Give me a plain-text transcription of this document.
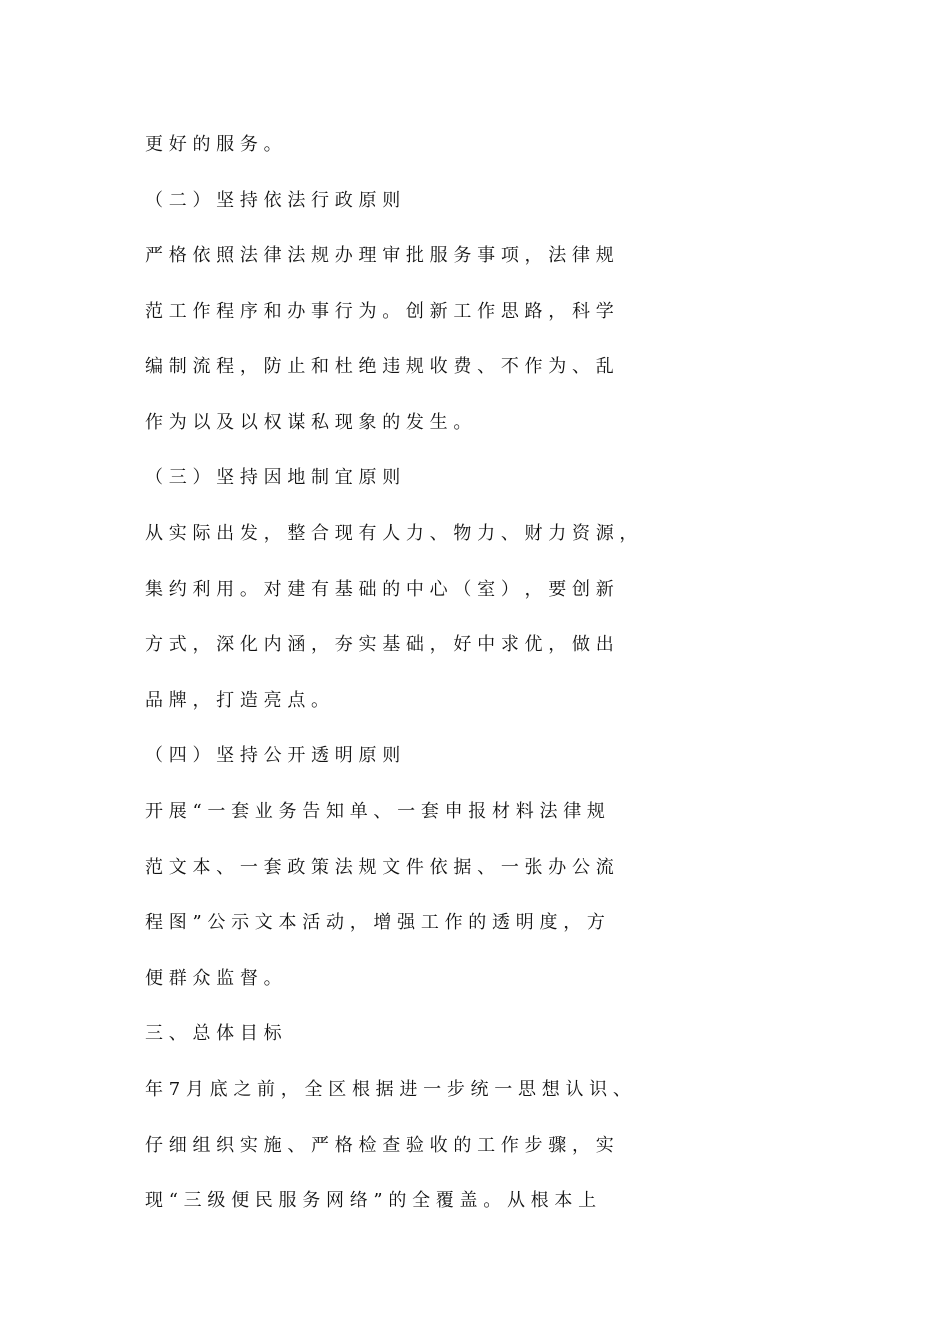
更 好 的 服 务 。
（ 二 ） 坚 持 依 法 行 政 原 则
严 格 依 照 法 律 法 规 办 理 审 批 服 务 事 项 ， 法 律 规
范 工 作 程 序 和 办 事 行 为 。 创 新 工 作 思 路 ， 科 学
编 制 流 程 ， 防 止 和 杜 绝 违 规 收 费 、 不 作 为 、 乱
作 为 以 及 以 权 谋 私 现 象 的 发 生 。
（ 三 ） 坚 持 因 地 制 宜 原 则
从 实 际 出 发 ， 整 合 现 有 人 力 、 物 力 、 财 力 资 源 ，
集 约 利 用 。 对 建 有 基 础 的 中 心 （ 室 ） ， 要 创 新
方 式 ， 深 化 内 涵 ， 夯 实 基 础 ， 好 中 求 优 ， 做 出
品 牌 ， 打 造 亮 点 。
（ 四 ） 坚 持 公 开 透 明 原 则
开 展 “ 一 套 业 务 告 知 单 、 一 套 申 报 材 料 法 律 规
范 文 本 、 一 套 政 策 法 规 文 件 依 据 、 一 张 办 公 流
程 图 ” 公 示 文 本 活 动 ， 增 强 工 作 的 透 明 度 ， 方
便 群 众 监 督 。
三 、 总 体 目 标
年 7 月 底 之 前 ， 全 区 根 据 进 一 步 统 一 思 想 认 识 、
仔 细 组 织 实 施 、 严 格 检 查 验 收 的 工 作 步 骤 ， 实
现 “ 三 级 便 民 服 务 网 络 ” 的 全 覆 盖 。 从 根 本 上
